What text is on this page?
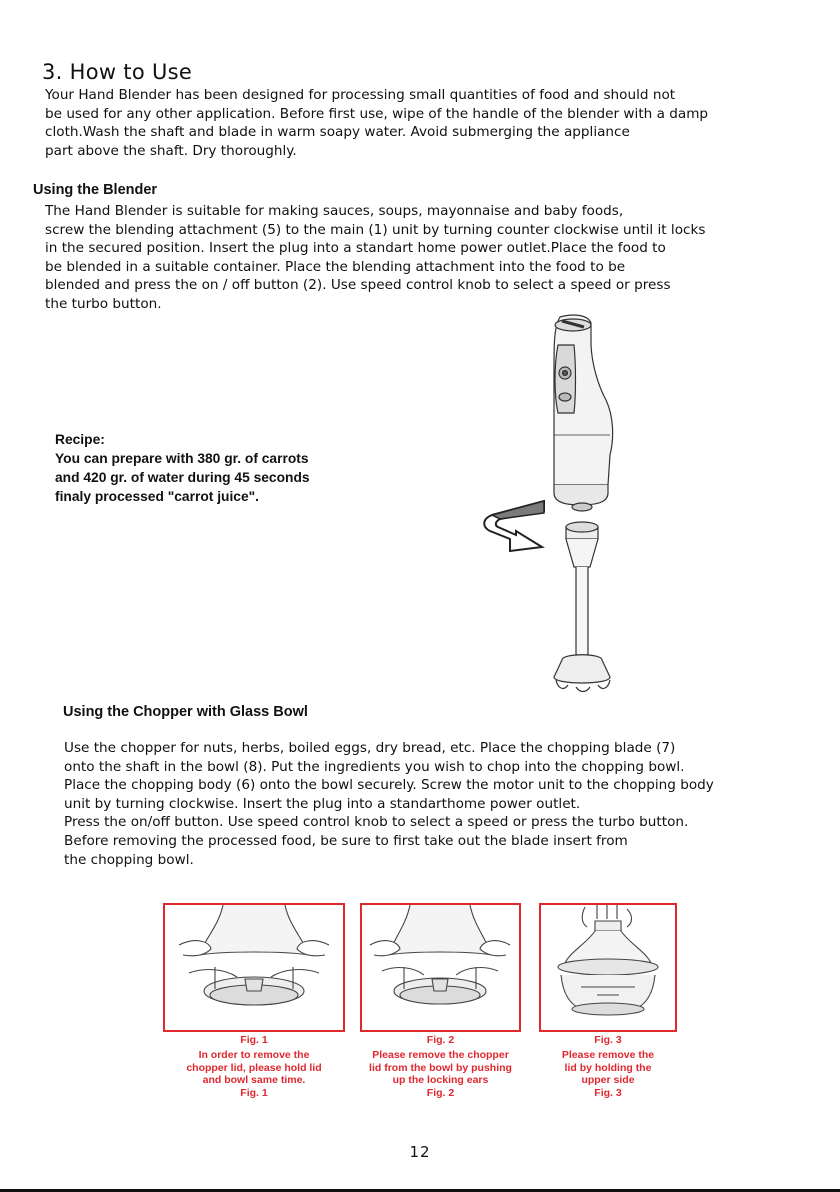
3. How to Use
Your Hand Blender has been designed for processing small quantities of food and should not
be used for any other application. Before first use, wipe of the handle of the blender with a damp
cloth.Wash the shaft and blade in warm soapy water. Avoid submerging the appliance
part above the shaft. Dry thoroughly.
Using the Blender
The Hand Blender is suitable for making sauces, soups, mayonnaise and baby foods,
screw the blending attachment (5) to the main (1) unit by turning counter clockwise until it locks
in the secured position. Insert the plug into a standart home power outlet.Place the food to
be blended in a suitable container. Place the blending attachment into the food to be
blended and press the on / off button (2). Use speed control knob to select a speed or press
the turbo button.
Recipe:
You can prepare with 380 gr. of carrots
and 420 gr. of water during 45 seconds
finaly processed "carrot juice".
Using the Chopper with Glass Bowl
Use the chopper for nuts, herbs, boiled eggs, dry bread, etc. Place the chopping blade (7)
onto the shaft in the bowl (8). Put the ingredients you wish to chop into the chopping bowl.
Place the chopping body (6) onto the bowl securely. Screw the motor unit to the chopping body
unit by turning clockwise. Insert the plug into a standarthome power outlet.
Press the on/off button. Use speed control knob to select a speed or press the turbo button.
Before removing the processed food, be sure to first take out the blade insert from
the chopping bowl.
Fig. 1
In order to remove the
chopper lid, please hold lid
and bowl same time.
Fig. 1
Fig. 2
Please remove the chopper
lid from the bowl by pushing
up the locking ears
Fig. 2
Fig. 3
Please remove the
lid by holding the
upper side
Fig. 3
12
